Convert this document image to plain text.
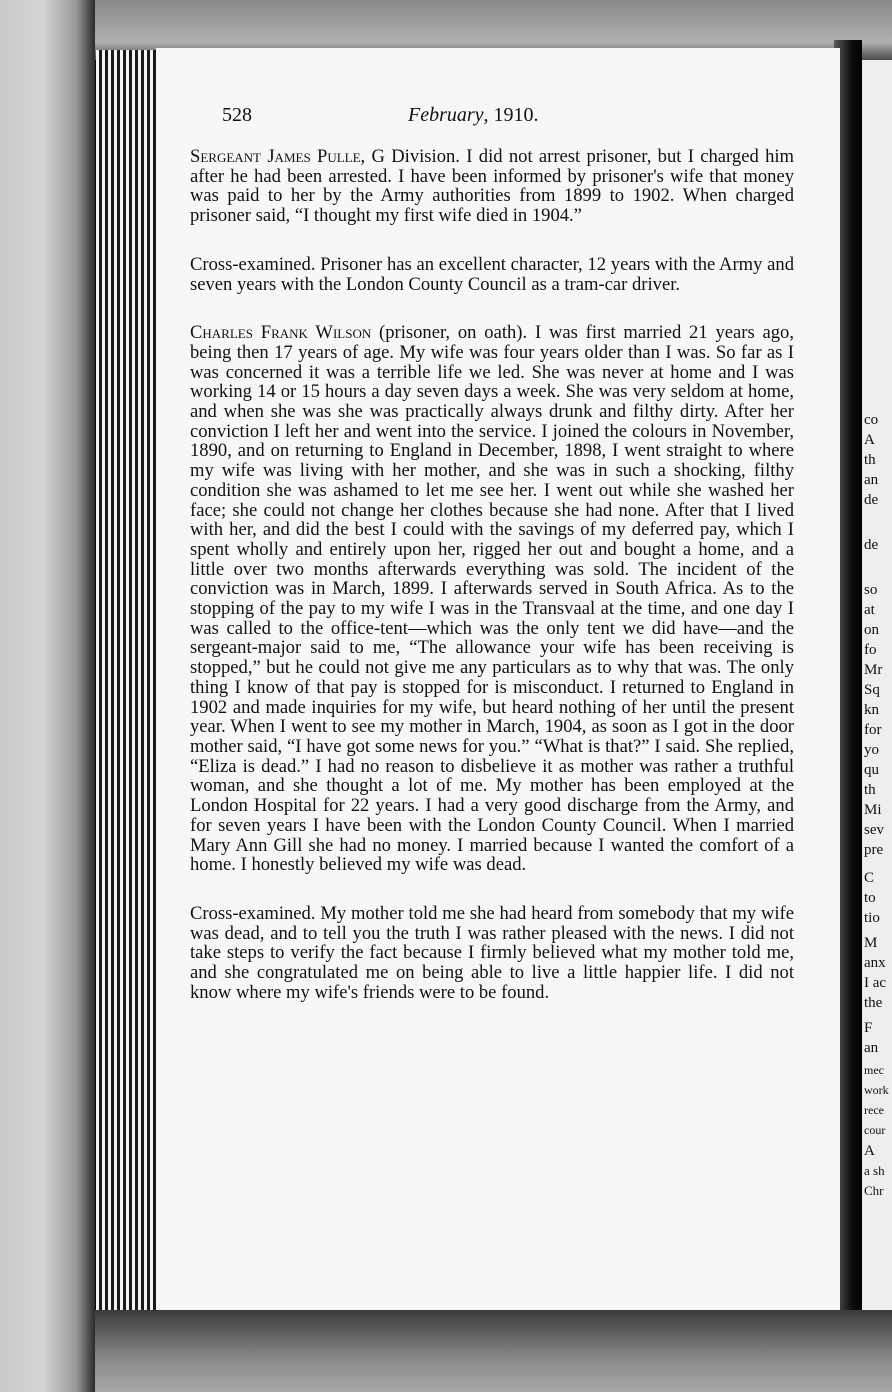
co
A
th
an
de
de
so
at
on
fo
Mr
Sq
kn
for
yo
qu
th
Mi
sev
pre
C
to
tio
M
anx
I ac
the
F
an
mec
work
rece
cour
A
a sh
Chr
528	February, 1910.

Sergeant James Pulle, G Division. I did not arrest prisoner, but I charged him after he had been arrested. I have been informed by prisoner's wife that money was paid to her by the Army authorities from 1899 to 1902. When charged prisoner said, “I thought my first wife died in 1904.”

Cross-examined. Prisoner has an excellent character, 12 years with the Army and seven years with the London County Council as a tram-car driver.

Charles Frank Wilson (prisoner, on oath). I was first married 21 years ago, being then 17 years of age. My wife was four years older than I was. So far as I was concerned it was a terrible life we led. She was never at home and I was working 14 or 15 hours a day seven days a week. She was very seldom at home, and when she was she was practically always drunk and filthy dirty. After her conviction I left her and went into the service. I joined the colours in November, 1890, and on returning to England in December, 1898, I went straight to where my wife was living with her mother, and she was in such a shocking, filthy condition she was ashamed to let me see her. I went out while she washed her face; she could not change her clothes because she had none. After that I lived with her, and did the best I could with the savings of my deferred pay, which I spent wholly and entirely upon her, rigged her out and bought a home, and a little over two months afterwards everything was sold. The incident of the conviction was in March, 1899. I afterwards served in South Africa. As to the stopping of the pay to my wife I was in the Transvaal at the time, and one day I was called to the office-tent—which was the only tent we did have—and the sergeant-major said to me, “The allowance your wife has been receiving is stopped,” but he could not give me any particulars as to why that was. The only thing I know of that pay is stopped for is misconduct. I returned to England in 1902 and made inquiries for my wife, but heard nothing of her until the present year. When I went to see my mother in March, 1904, as soon as I got in the door mother said, “I have got some news for you.” “What is that?” I said. She replied, “Eliza is dead.” I had no reason to disbelieve it as mother was rather a truthful woman, and she thought a lot of me. My mother has been employed at the London Hospital for 22 years. I had a very good discharge from the Army, and for seven years I have been with the London County Council. When I married Mary Ann Gill she had no money. I married because I wanted the comfort of a home. I honestly believed my wife was dead.

Cross-examined. My mother told me she had heard from somebody that my wife was dead, and to tell you the truth I was rather pleased with the news. I did not take steps to verify the fact because I firmly believed what my mother told me, and she congratulated me on being able to live a little happier life. I did not know where my wife's friends were to be found.
